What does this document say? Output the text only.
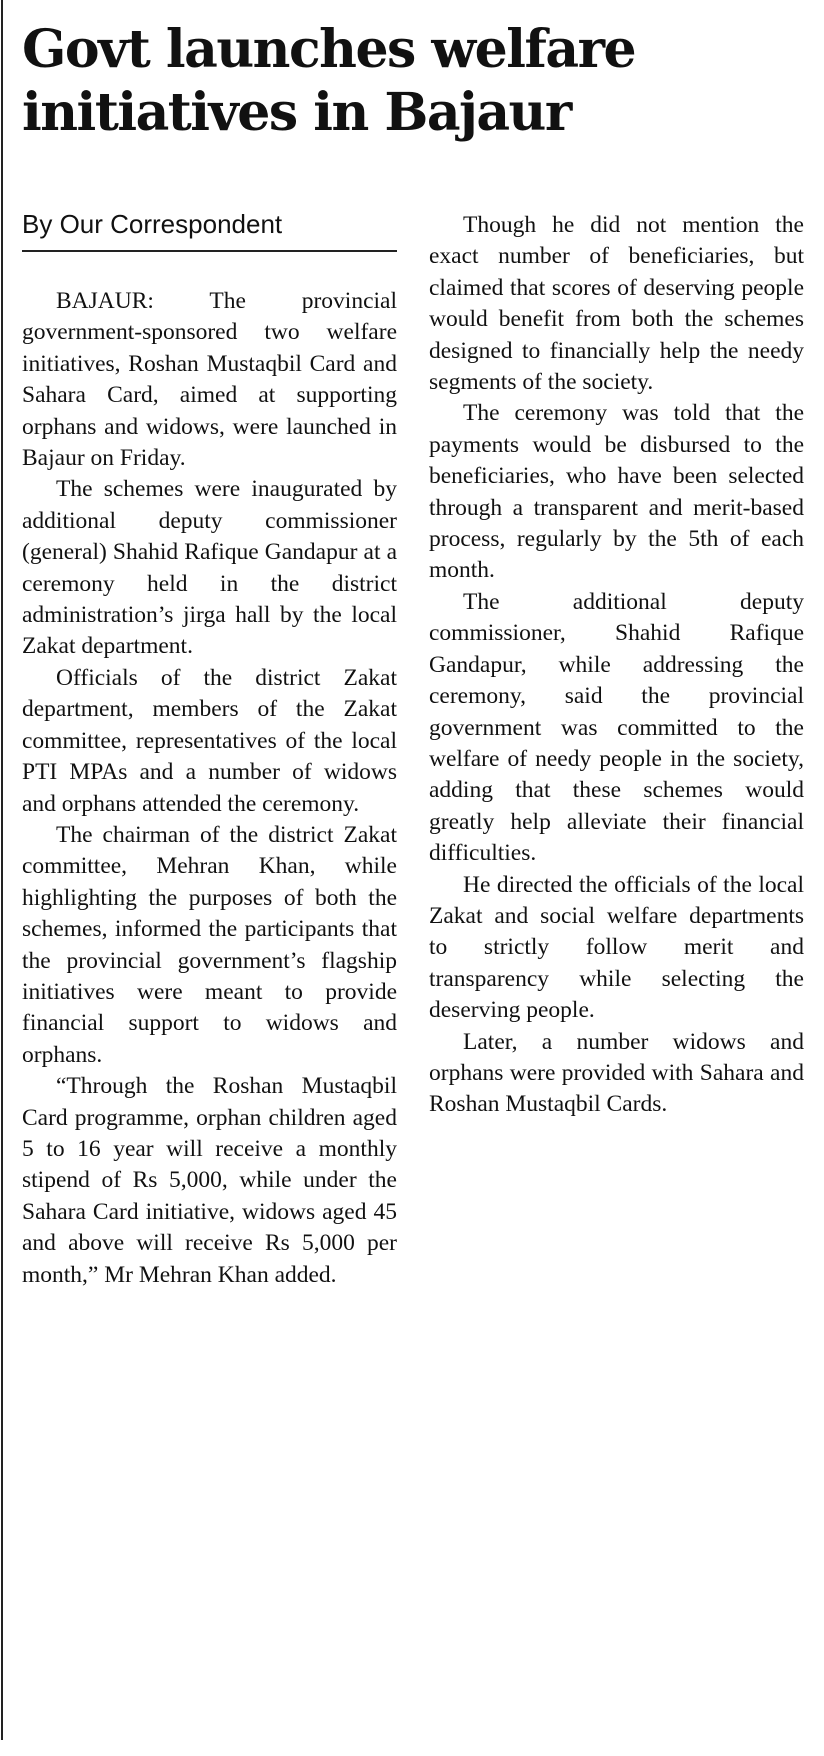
Govt launches welfare
initiatives in Bajaur
By Our Correspondent

BAJAUR: The provincial government-sponsored two welfare initiatives, Roshan Mustaqbil Card and Sahara Card, aimed at supporting orphans and widows, were launched in Bajaur on Friday.

The schemes were inaugurated by additional deputy commissioner (general) Shahid Rafique Gandapur at a ceremony held in the district administration’s jirga hall by the local Zakat department.

Officials of the district Zakat department, members of the Zakat committee, representatives of the local PTI MPAs and a number of widows and orphans attended the ceremony.

The chairman of the district Zakat committee, Mehran Khan, while highlighting the purposes of both the schemes, informed the participants that the provincial government’s flagship initiatives were meant to provide financial support to widows and orphans.

“Through the Roshan Mustaqbil Card programme, orphan children aged 5 to 16 year will receive a monthly stipend of Rs 5,000, while under the Sahara Card initiative, widows aged 45 and above will receive Rs 5,000 per month,” Mr Mehran Khan added.

Though he did not mention the exact number of beneficiaries, but claimed that scores of deserving people would benefit from both the schemes designed to financially help the needy segments of the society.

The ceremony was told that the payments would be disbursed to the beneficiaries, who have been selected through a transparent and merit-based process, regularly by the 5th of each month.

The additional deputy commissioner, Shahid Rafique Gandapur, while addressing the ceremony, said the provincial government was committed to the welfare of needy people in the society, adding that these schemes would greatly help alleviate their financial difficulties.

He directed the officials of the local Zakat and social welfare departments to strictly follow merit and transparency while selecting the deserving people.

Later, a number widows and orphans were provided with Sahara and Roshan Mustaqbil Cards.
